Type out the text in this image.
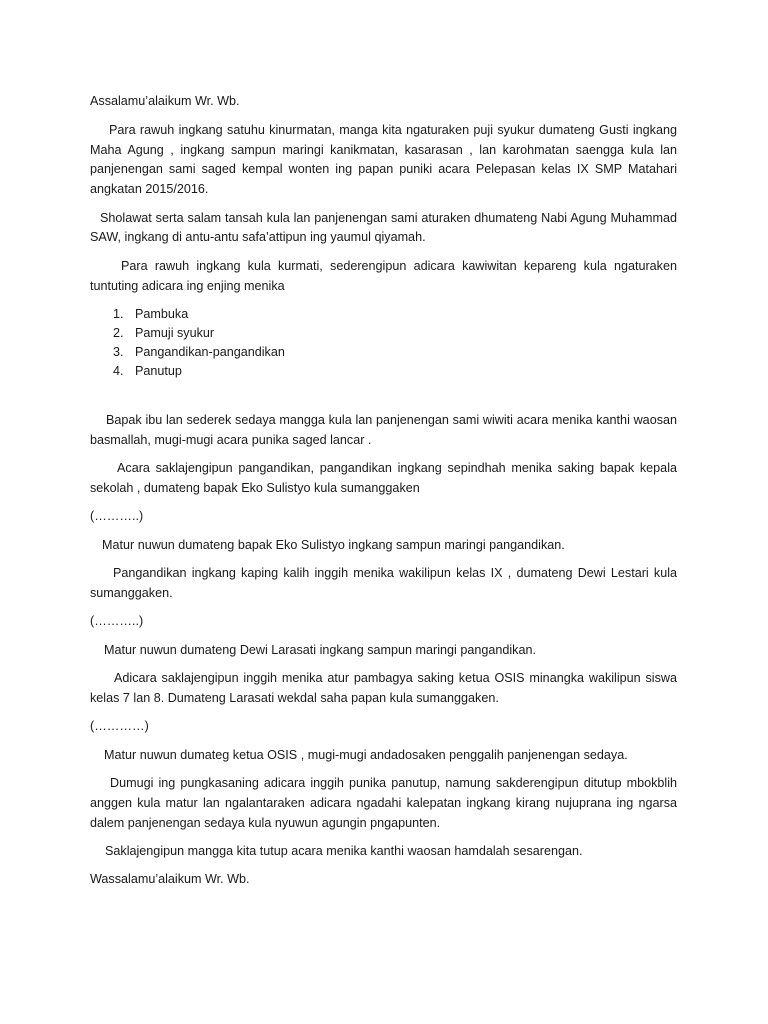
Assalamu’alaikum Wr. Wb.

Para rawuh ingkang satuhu kinurmatan, manga kita ngaturaken puji syukur dumateng Gusti ingkang Maha Agung , ingkang sampun maringi kanikmatan, kasarasan , lan karohmatan saengga kula lan panjenengan sami saged kempal wonten ing papan puniki acara Pelepasan kelas IX SMP Matahari angkatan 2015/2016.

Sholawat serta salam tansah kula lan panjenengan sami aturaken dhumateng Nabi Agung Muhammad SAW, ingkang di antu-antu safa’attipun ing yaumul qiyamah.

Para rawuh ingkang kula kurmati, sederengipun adicara kawiwitan kepareng kula ngaturaken tuntuting adicara ing enjing menika

1. Pambuka
2. Pamuji syukur
3. Pangandikan-pangandikan
4. Panutup

Bapak ibu lan sederek sedaya mangga kula lan panjenengan sami wiwiti acara menika kanthi waosan basmallah, mugi-mugi acara punika saged lancar .

Acara saklajengipun pangandikan, pangandikan ingkang sepindhah menika saking bapak kepala sekolah , dumateng bapak Eko Sulistyo kula sumanggaken

(………..)

Matur nuwun dumateng bapak Eko Sulistyo ingkang sampun maringi pangandikan.

Pangandikan ingkang kaping kalih inggih menika wakilipun kelas IX , dumateng Dewi Lestari kula sumanggaken.

(………..)

Matur nuwun dumateng Dewi Larasati ingkang sampun maringi pangandikan.

Adicara saklajengipun inggih menika atur pambagya saking ketua OSIS minangka wakilipun siswa kelas 7 lan 8. Dumateng Larasati wekdal saha papan kula sumanggaken.

(…………)

Matur nuwun dumateg ketua OSIS , mugi-mugi andadosaken penggalih panjenengan sedaya.

Dumugi ing pungkasaning adicara inggih punika panutup, namung sakderengipun ditutup mbokblih anggen kula matur lan ngalantaraken adicara ngadahi kalepatan ingkang kirang nujuprana ing ngarsa dalem panjenengan sedaya kula nyuwun agungin pngapunten.

Saklajengipun mangga kita tutup acara menika kanthi waosan hamdalah sesarengan.

Wassalamu’alaikum Wr. Wb.
